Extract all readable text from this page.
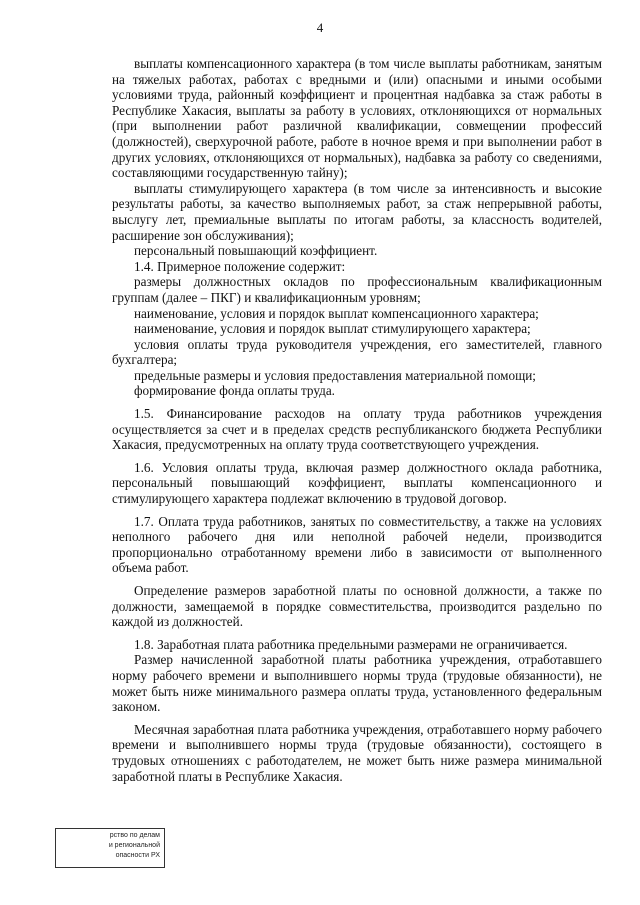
4

выплаты компенсационного характера (в том числе выплаты работникам, занятым на тяжелых работах, работах с вредными и (или) опасными и иными особыми условиями труда, районный коэффициент и процентная надбавка за стаж работы в Республике Хакасия, выплаты за работу в условиях, отклоняющихся от нормальных (при выполнении работ различной квалификации, совмещении профессий (должностей), сверхурочной работе, работе в ночное время и при выполнении работ в других условиях, отклоняющихся от нормальных), надбавка за работу со сведениями, составляющими государственную тайну);

выплаты стимулирующего характера (в том числе за интенсивность и высокие результаты работы, за качество выполняемых работ, за стаж непрерывной работы, выслугу лет, премиальные выплаты по итогам работы, за классность водителей, расширение зон обслуживания);

персональный повышающий коэффициент.

1.4. Примерное положение содержит:

размеры должностных окладов по профессиональным квалификационным группам (далее – ПКГ) и квалификационным уровням;

наименование, условия и порядок выплат компенсационного характера;

наименование, условия и порядок выплат стимулирующего характера;

условия оплаты труда руководителя учреждения, его заместителей, главного бухгалтера;

предельные размеры и условия предоставления материальной помощи;

формирование фонда оплаты труда.

1.5. Финансирование расходов на оплату труда работников учреждения осуществляется за счет и в пределах средств республиканского бюджета Республики Хакасия, предусмотренных на оплату труда соответствующего учреждения.

1.6. Условия оплаты труда, включая размер должностного оклада работника, персональный повышающий коэффициент, выплаты компенсационного и стимулирующего характера подлежат включению в трудовой договор.

1.7. Оплата труда работников, занятых по совместительству, а также на условиях неполного рабочего дня или неполной рабочей недели, производится пропорционально отработанному времени либо в зависимости от выполненного объема работ.

Определение размеров заработной платы по основной должности, а также по должности, замещаемой в порядке совместительства, производится раздельно по каждой из должностей.

1.8. Заработная плата работника предельными размерами не ограничивается.

Размер начисленной заработной платы работника учреждения, отработавшего норму рабочего времени и выполнившего нормы труда (трудовые обязанности), не может быть ниже минимального размера оплаты труда, установленного федеральным законом.

Месячная заработная плата работника учреждения, отработавшего норму рабочего времени и выполнившего нормы труда (трудовые обязанности), состоящего в трудовых отношениях с работодателем, не может быть ниже размера минимальной заработной платы в Республике Хакасия.

рство по делам
и региональной
опасности РХ
